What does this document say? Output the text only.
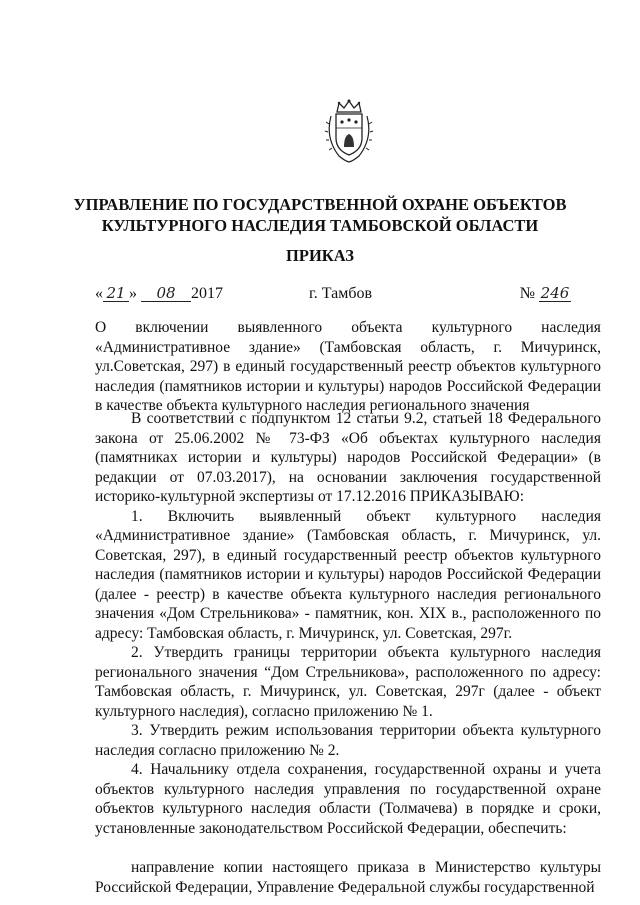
УПРАВЛЕНИЕ ПО ГОСУДАРСТВЕННОЙ ОХРАНЕ ОБЪЕКТОВ
КУЛЬТУРНОГО НАСЛЕДИЯ ТАМБОВСКОЙ ОБЛАСТИ
ПРИКАЗ
« 21 » 08 2017	г. Тамбов	№ 246
О включении выявленного объекта культурного наследия
«Административное здание» (Тамбовская область, г. Мичуринск, ул.Советская, 297) в единый государственный реестр объектов культурного наследия (памятников истории и культуры) народов Российской Федерации в качестве объекта культурного наследия регионального значения

В соответствии с подпунктом 12 статьи 9.2, статьей 18 Федерального закона от 25.06.2002 № 73-ФЗ «Об объектах культурного наследия (памятниках истории и культуры) народов Российской Федерации» (в редакции от 07.03.2017), на основании заключения государственной историко-культурной экспертизы от 17.12.2016 ПРИКАЗЫВАЮ:

1. Включить выявленный объект культурного наследия «Административное здание» (Тамбовская область, г. Мичуринск, ул. Советская, 297), в единый государственный реестр объектов культурного наследия (памятников истории и культуры) народов Российской Федерации (далее - реестр) в качестве объекта культурного наследия регионального значения «Дом Стрельникова» - памятник, кон. XIX в., расположенного по адресу: Тамбовская область, г. Мичуринск, ул. Советская, 297г.

2. Утвердить границы территории объекта культурного наследия регионального значения “Дом Стрельникова», расположенного по адресу: Тамбовская область, г. Мичуринск, ул. Советская, 297г (далее - объект культурного наследия), согласно приложению № 1.

3. Утвердить режим использования территории объекта культурного наследия согласно приложению № 2.

4. Начальнику отдела сохранения, государственной охраны и учета объектов культурного наследия управления по государственной охране объектов культурного наследия области (Толмачева) в порядке и сроки, установленные законодательством Российской Федерации, обеспечить:

направление копии настоящего приказа в Министерство культуры Российской Федерации, Управление Федеральной службы государственной
